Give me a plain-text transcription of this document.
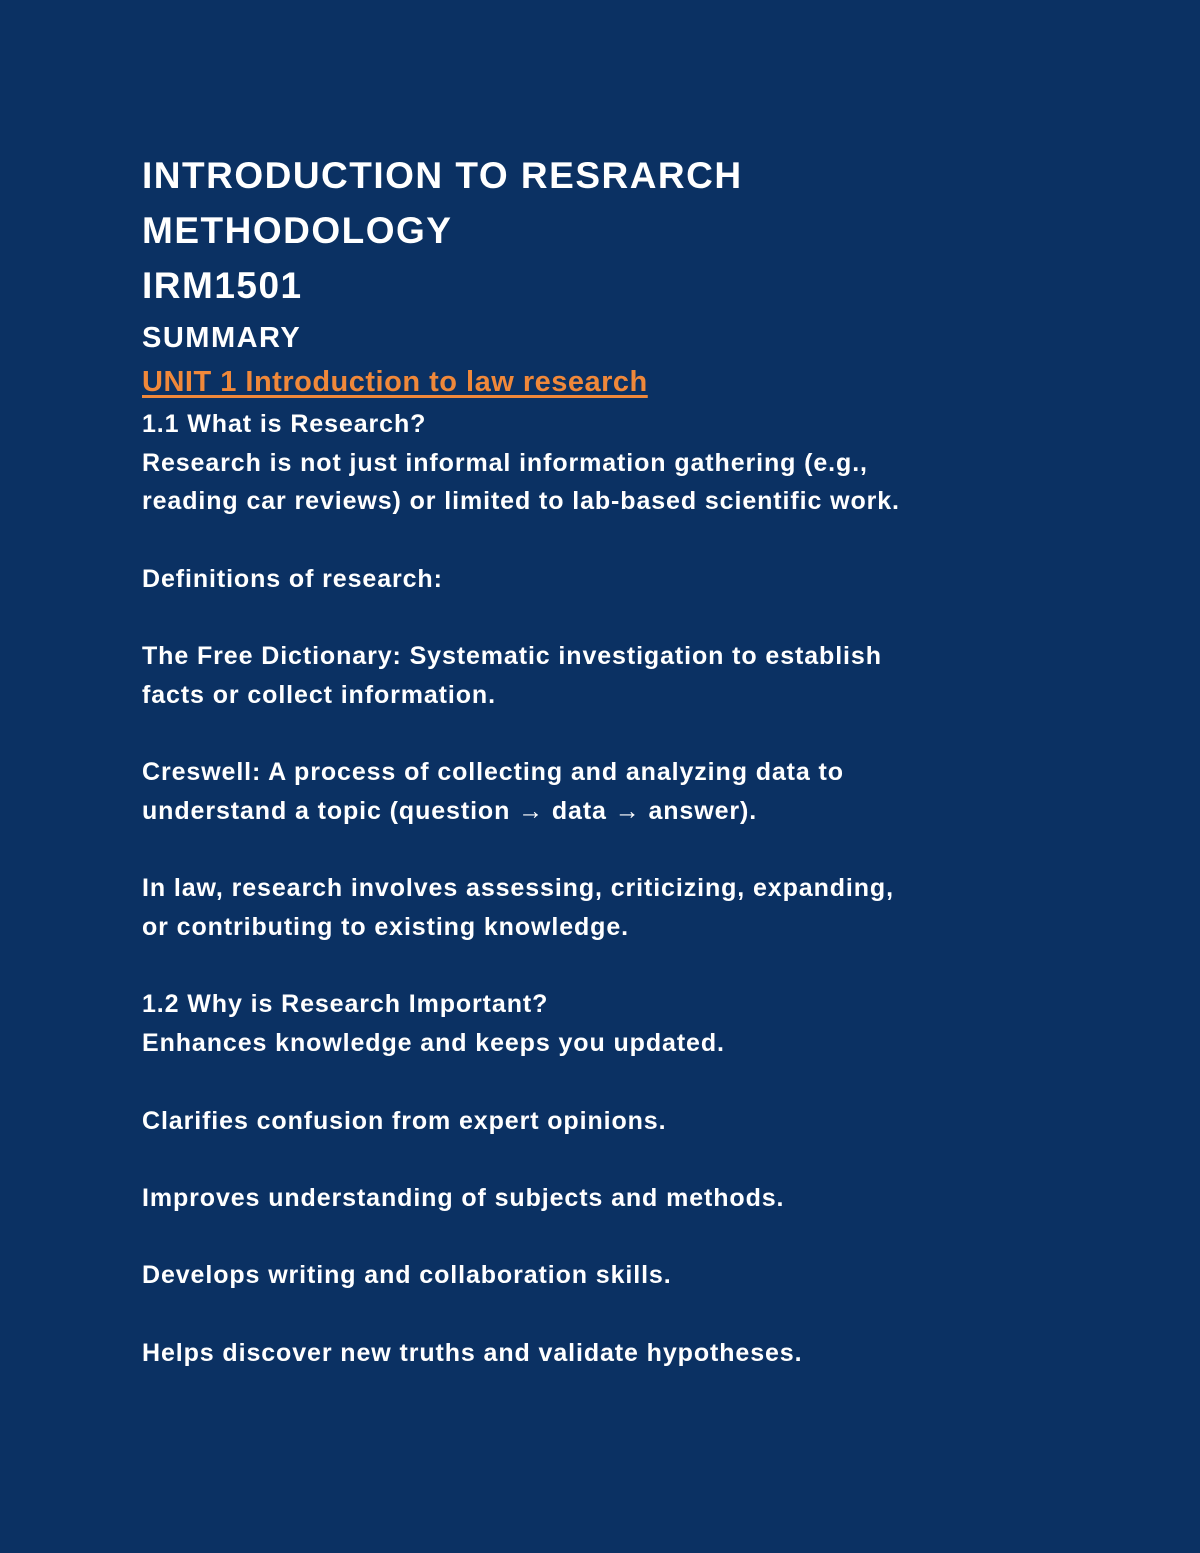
INTRODUCTION TO RESRARCH
METHODOLOGY
IRM1501
SUMMARY
UNIT 1 Introduction to law research

1.1 What is Research?

Research is not just informal information gathering (e.g.,

reading car reviews) or limited to lab-based scientific work.

Definitions of research:

The Free Dictionary: Systematic investigation to establish

facts or collect information.

Creswell: A process of collecting and analyzing data to

understand a topic (question → data → answer).

In law, research involves assessing, criticizing, expanding,

or contributing to existing knowledge.

1.2 Why is Research Important?

Enhances knowledge and keeps you updated.

Clarifies confusion from expert opinions.

Improves understanding of subjects and methods.

Develops writing and collaboration skills.

Helps discover new truths and validate hypotheses.
